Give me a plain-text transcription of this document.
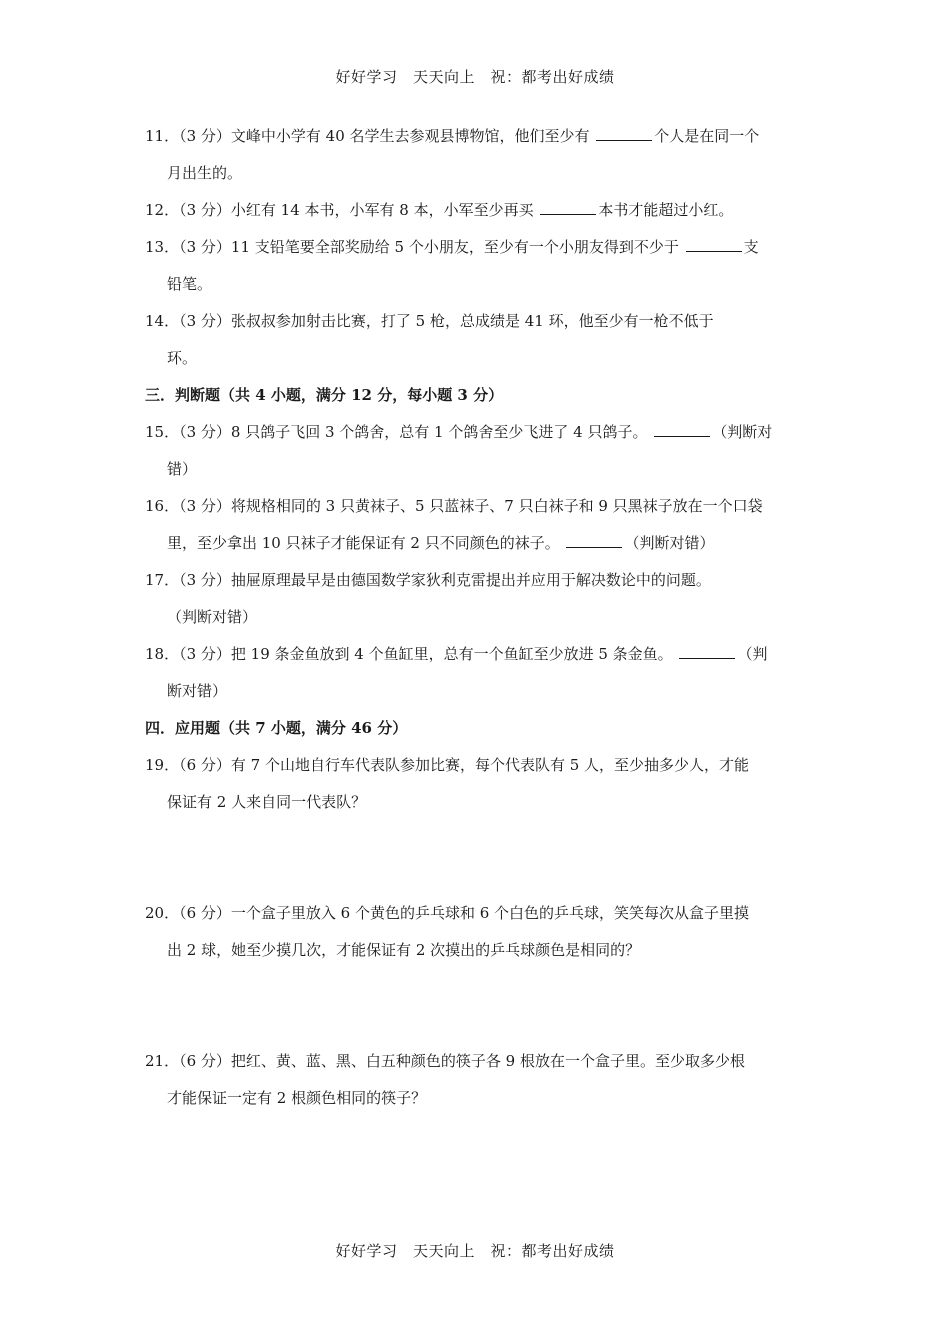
好好学习　天天向上　祝：都考出好成绩
11．（3 分）文峰中小学有 40 名学生去参观县博物馆，他们至少有	个人是在同一个
月出生的。
12．（3 分）小红有 14 本书，小军有 8 本，小军至少再买	本书才能超过小红。
13．（3 分）11 支铅笔要全部奖励给 5 个小朋友，至少有一个小朋友得到不少于	支
铅笔。
14．（3 分）张叔叔参加射击比赛，打了 5 枪，总成绩是 41 环，他至少有一枪不低于
环。
三．判断题（共 4 小题，满分 12 分，每小题 3 分）
15．（3 分）8 只鸽子飞回 3 个鸽舍，总有 1 个鸽舍至少飞进了 4 只鸽子。	（判断对
错）
16．（3 分）将规格相同的 3 只黄袜子、5 只蓝袜子、7 只白袜子和 9 只黑袜子放在一个口袋
里，至少拿出 10 只袜子才能保证有 2 只不同颜色的袜子。	（判断对错）
17．（3 分）抽屉原理最早是由德国数学家狄利克雷提出并应用于解决数论中的问题。
（判断对错）
18．（3 分）把 19 条金鱼放到 4 个鱼缸里，总有一个鱼缸至少放进 5 条金鱼。	（判
断对错）
四．应用题（共 7 小题，满分 46 分）
19．（6 分）有 7 个山地自行车代表队参加比赛，每个代表队有 5 人，至少抽多少人，才能
保证有 2 人来自同一代表队？
20．（6 分）一个盒子里放入 6 个黄色的乒乓球和 6 个白色的乒乓球，笑笑每次从盒子里摸
出 2 球，她至少摸几次，才能保证有 2 次摸出的乒乓球颜色是相同的？
21．（6 分）把红、黄、蓝、黑、白五种颜色的筷子各 9 根放在一个盒子里。至少取多少根
才能保证一定有 2 根颜色相同的筷子？
好好学习　天天向上　祝：都考出好成绩
